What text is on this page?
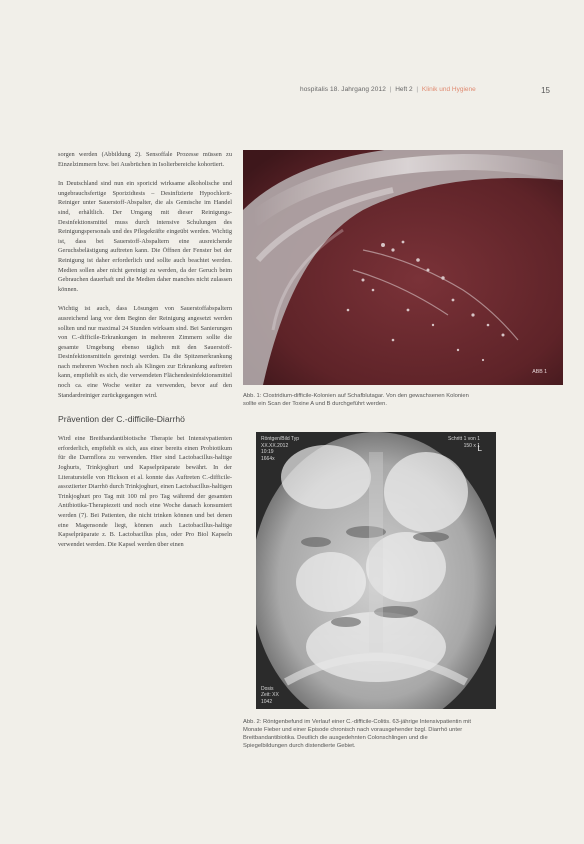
hospitalis 18. Jahrgang 2012 | Heft 2 | Klinik und Hygiene	15

sorgen werden (Abbildung 2). Sensoffale Prozesse müssen zu Einzelzimmern bzw. bei Ausbrüchen in Isolierbereiche kohortiert.

In Deutschland sind nun ein sporicid wirksame alkoholische und ungebrauchsfertige Sporizidtests – Desinfizierte Hypochlorit-Reiniger unter Sauerstoff-Abspalter, die als Gemische im Handel sind, erhältlich. Der Umgang mit dieser Reinigungs-Desinfektionsmittel muss durch intensive Schulungen des Reinigungspersonals und des Pflegekräfte eingeübt werden. Wichtig ist, dass bei Sauerstoff-Abspaltern eine ausreichende Geruchsbelästigung auftreten kann. Die Öffnen der Fenster bei der Reinigung ist daher erforderlich und sollte auch beachtet werden. Medien sollen aber nicht gereinigt zu werden, da der Geruch beim Gebrauchen dauerhaft und die Medien daher manches nicht zulassen können.

Wichtig ist auch, dass Lösungen von Sauerstoffabspaltern ausreichend lang vor dem Beginn der Reinigung angesetzt werden sollten und nur maximal 24 Stunden wirksam sind. Bei Sanierungen von C.-difficile-Erkrankungen in mehreren Zimmern sollte die gesamte Umgebung ebenso täglich mit den Sauerstoff-Desinfektionsmitteln gereinigt werden. Da die Spitzenerkrankung nach mehreren Wochen noch als Klingen zur Erkrankung auftreten kann, empfiehlt es sich, die verwendeten Flächendesinfektionsmittel noch ca. eine Woche weiter zu verwenden, bevor auf den Standardreiniger zurückgegangen wird.

Prävention der C.-difficile-Diarrhö

Wird eine Breitbandantibiotische Therapie bei Intensivpatienten erforderlich, empfiehlt es sich, aus einer bereits einen Probiotikum für die Darmflora zu verwenden. Hier sind Lactobacillus-haltige Joghurts, Trinkjoghurt und Kapselpräparate bewährt. In der Literaturstelle von Hickson et al. konnte das Auftreten C.-difficile-assoziierter Diarrhö durch Trinkjoghurt, einen Lactobacillus-haltigen Trinkjoghurt pro Tag mit 100 ml pro Tag während der gesamten Antibiotika-Therapiezeit und noch eine Woche danach konsumiert werden (7). Bei Patienten, die nicht trinken können und bei denen eine Magensonde liegt, können auch Lactobacillus-haltige Kapselpräparate z. B. Lactobacillus plus, oder Pro Biol Kapseln verwendet werden. Die Kapsel werden über einen

ABB 1
Abb. 1: Clostridium-difficile-Kolonien auf Schafblutagar. Von den gewachsenen Kolonien sollte ein Scan der Toxine A und B durchgeführt werden.
Röntgen/Bild Typ
XX.XX.2012
10:19
1664x
Schritt 1 von 1
150 x 1
L
Dosis
Zeit: XX
1042
Abb. 2: Röntgenbefund im Verlauf einer C.-difficile-Colitis. 63-jährige Intensivpatientin mit Monate Fieber und einer Episode chronisch nach vorausgehender bzgl. Diarrhö unter Breitbandantibiotika. Deutlich die ausgedehnten Colonschlingen und die Spiegelbildungen durch distendierte Gebiet.
